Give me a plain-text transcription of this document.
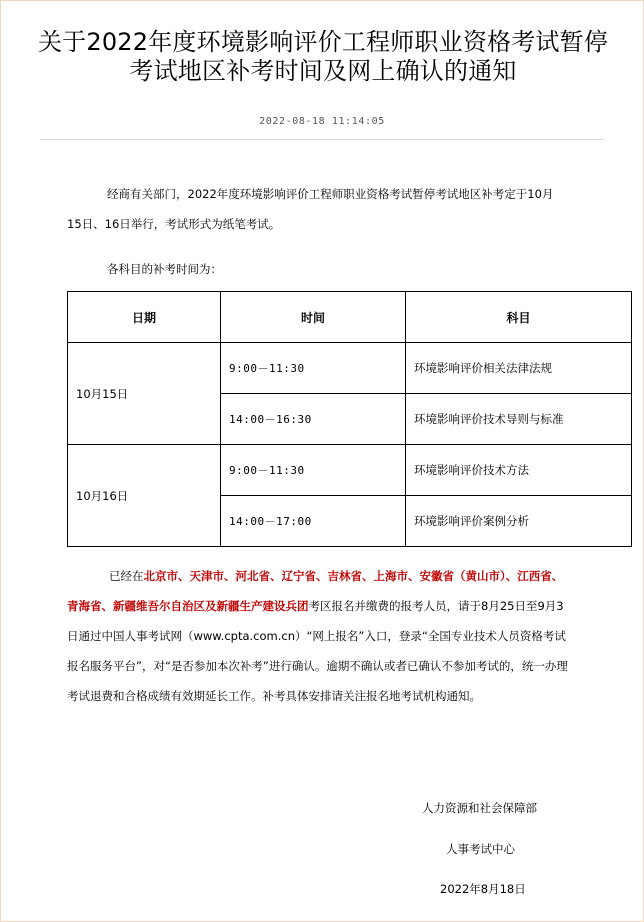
关于2022年度环境影响评价工程师职业资格考试暂停考试地区补考时间及网上确认的通知
2022-08-18 11:14:05

经商有关部门，2022年度环境影响评价工程师职业资格考试暂停考试地区补考定于10月15日、16日举行，考试形式为纸笔考试。

各科目的补考时间为：

日期	时间	科目
10月15日	9:00－11:30	环境影响评价相关法律法规
	14:00－16:30	环境影响评价技术导则与标准
10月16日	9:00－11:30	环境影响评价技术方法
	14:00－17:00	环境影响评价案例分析

已经在北京市、天津市、河北省、辽宁省、吉林省、上海市、安徽省（黄山市）、江西省、青海省、新疆维吾尔自治区及新疆生产建设兵团考区报名并缴费的报考人员，请于8月25日至9月3日通过中国人事考试网（www.cpta.com.cn）“网上报名”入口，登录“全国专业技术人员资格考试报名服务平台”，对“是否参加本次补考”进行确认。逾期不确认或者已确认不参加考试的，统一办理考试退费和合格成绩有效期延长工作。补考具体安排请关注报名地考试机构通知。

人力资源和社会保障部
人事考试中心
2022年8月18日
